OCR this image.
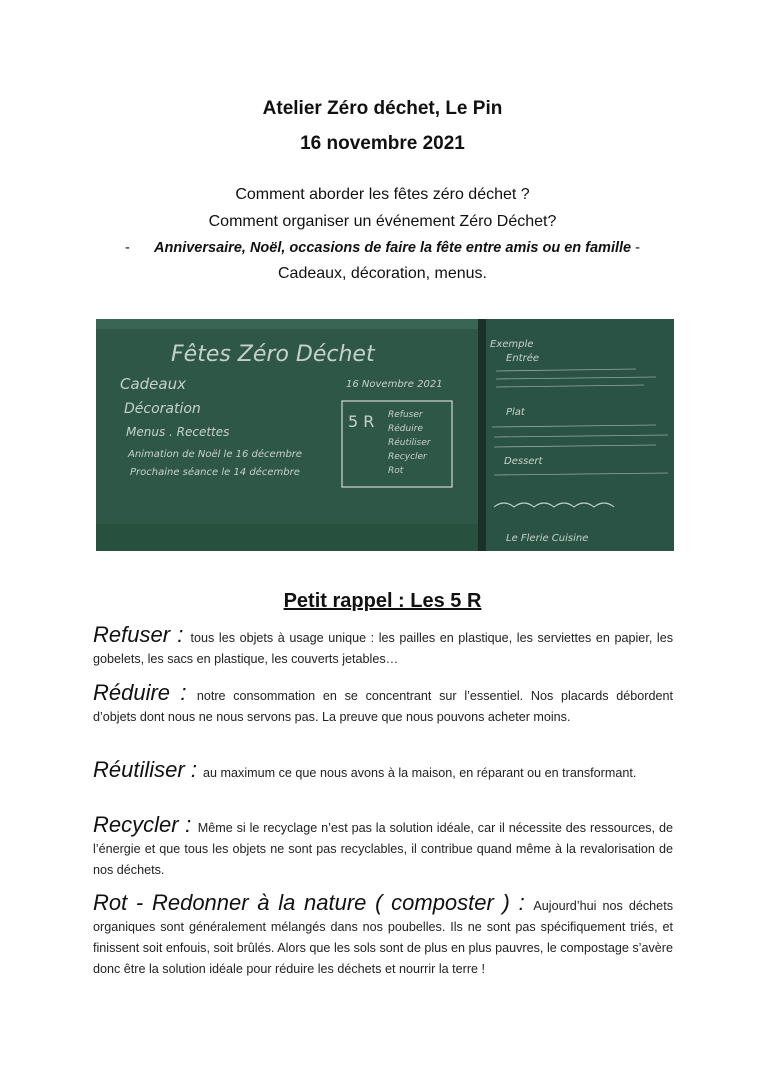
Atelier Zéro déchet, Le Pin
16 novembre 2021
Comment aborder les fêtes zéro déchet ?
Comment organiser un événement Zéro Déchet?
- Anniversaire, Noël, occasions de faire la fête entre amis ou en famille -
Cadeaux, décoration, menus.
Fêtes Zéro Déchet
16 Novembre 2021
Cadeaux
Décoration
Menus . Recettes
Animation de Noël le 16 décembre
Prochaine séance le 14 décembre
5 R Refuser
Réduire
Réutiliser
Recycler
Rot
Exemple
Entrée
Plat
Dessert
Le Flerie Cuisine
Petit rappel : Les 5 R
Refuser : tous les objets à usage unique : les pailles en plastique, les serviettes en papier, les gobelets, les sacs en plastique, les couverts jetables…
Réduire : notre consommation en se concentrant sur l’essentiel. Nos placards débordent d’objets dont nous ne nous servons pas. La preuve que nous pouvons acheter moins.
Réutiliser : au maximum ce que nous avons à la maison, en réparant ou en transformant.
Recycler : Même si le recyclage n’est pas la solution idéale, car il nécessite des ressources, de l’énergie et que tous les objets ne sont pas recyclables, il contribue quand même à la revalorisation de nos déchets.
Rot - Redonner à la nature ( composter ) : Aujourd’hui nos déchets organiques sont généralement mélangés dans nos poubelles. Ils ne sont pas spécifiquement triés, et finissent soit enfouis, soit brûlés. Alors que les sols sont de plus en plus pauvres, le compostage s’avère donc être la solution idéale pour réduire les déchets et nourrir la terre !
